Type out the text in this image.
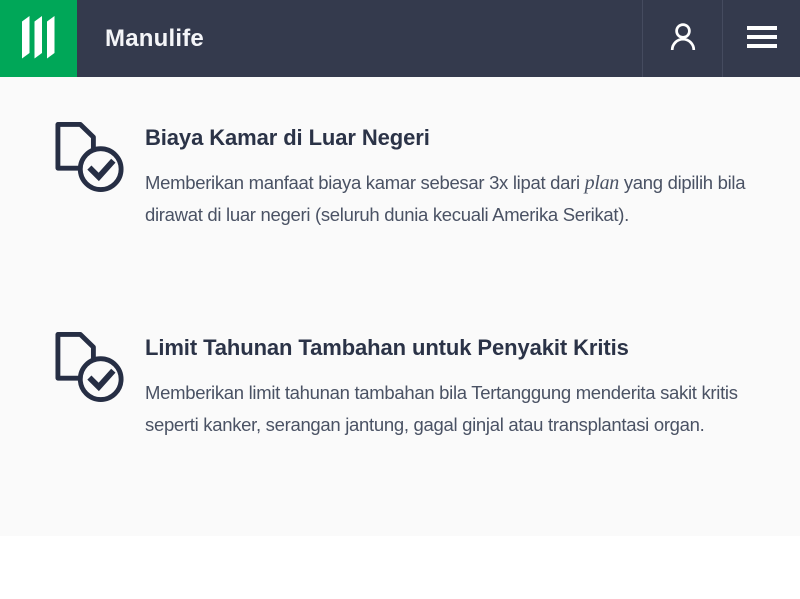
Manulife
Biaya Kamar di Luar Negeri

Memberikan manfaat biaya kamar sebesar 3x lipat dari plan yang dipilih bila
dirawat di luar negeri (seluruh dunia kecuali Amerika Serikat).

Limit Tahunan Tambahan untuk Penyakit Kritis

Memberikan limit tahunan tambahan bila Tertanggung menderita sakit kritis
seperti kanker, serangan jantung, gagal ginjal atau transplantasi organ.
